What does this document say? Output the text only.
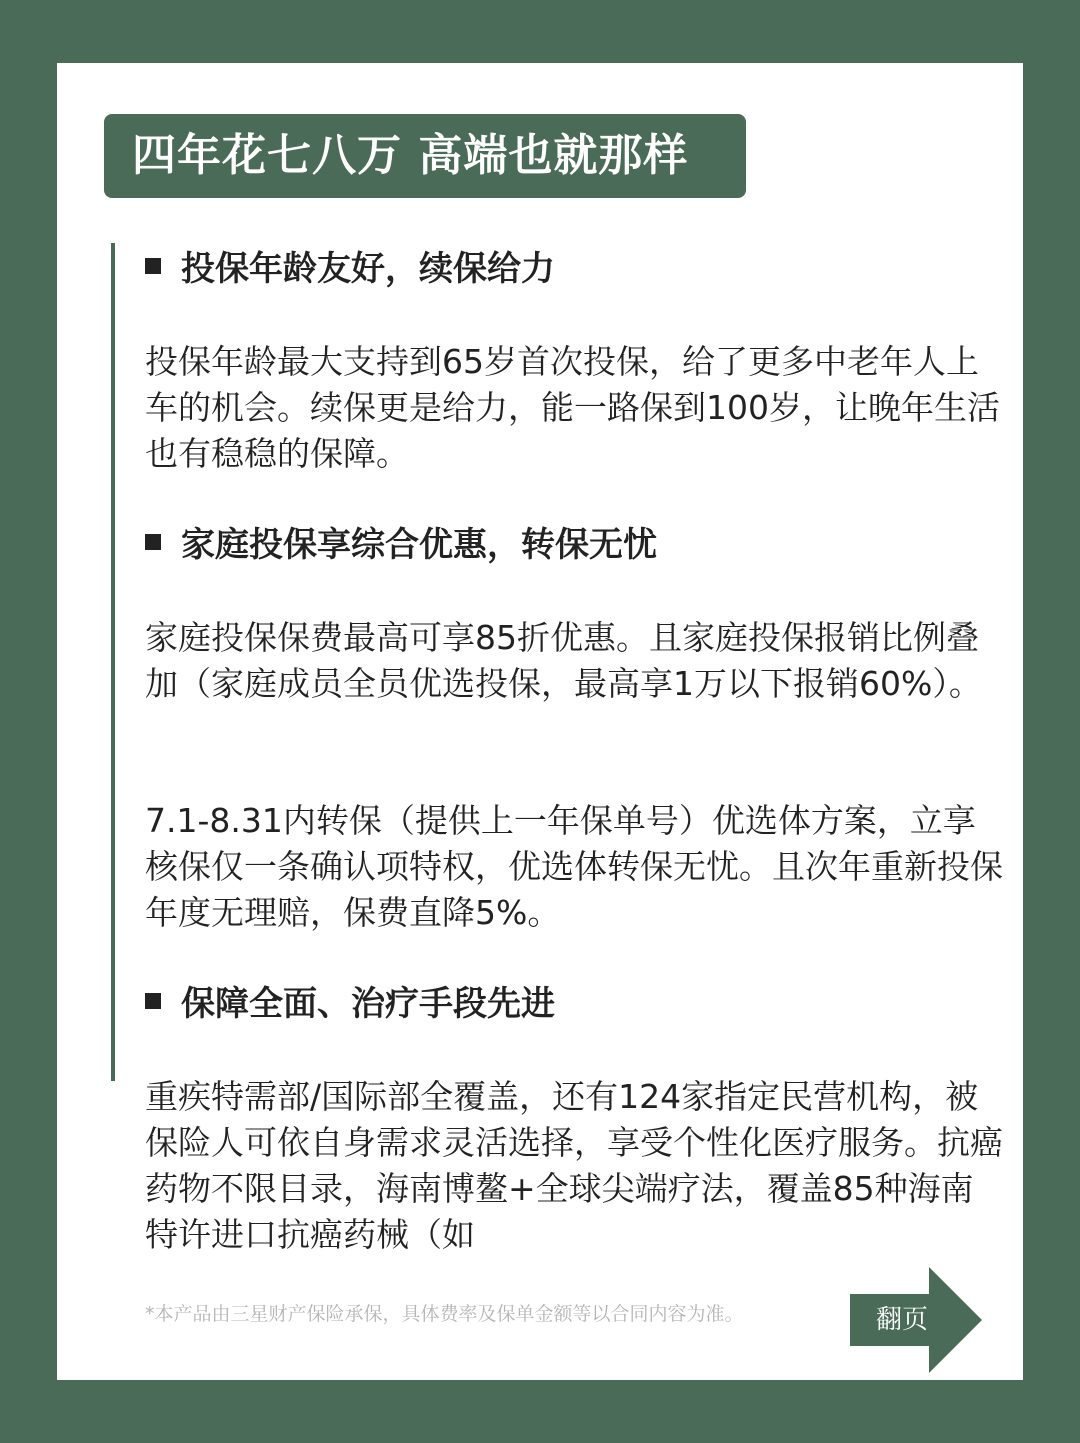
四年花七八万 高端也就那样
投保年龄友好，续保给力
投保年龄最大支持到65岁首次投保，给了更多中老年人上车的机会。续保更是给力，能一路保到100岁，让晚年生活也有稳稳的保障。
家庭投保享综合优惠，转保无忧
家庭投保保费最高可享85折优惠。且家庭投保报销比例叠加（家庭成员全员优选投保，最高享1万以下报销60%）。
7.1-8.31内转保（提供上一年保单号）优选体方案，立享核保仅一条确认项特权，优选体转保无忧。且次年重新投保年度无理赔，保费直降5%。
保障全面、治疗手段先进
重疾特需部/国际部全覆盖，还有124家指定民营机构，被保险人可依自身需求灵活选择，享受个性化医疗服务。抗癌药物不限目录，海南博鳌+全球尖端疗法，覆盖85种海南特许进口抗癌药械（如
*本产品由三星财产保险承保，具体费率及保单金额等以合同内容为准。	翻页
